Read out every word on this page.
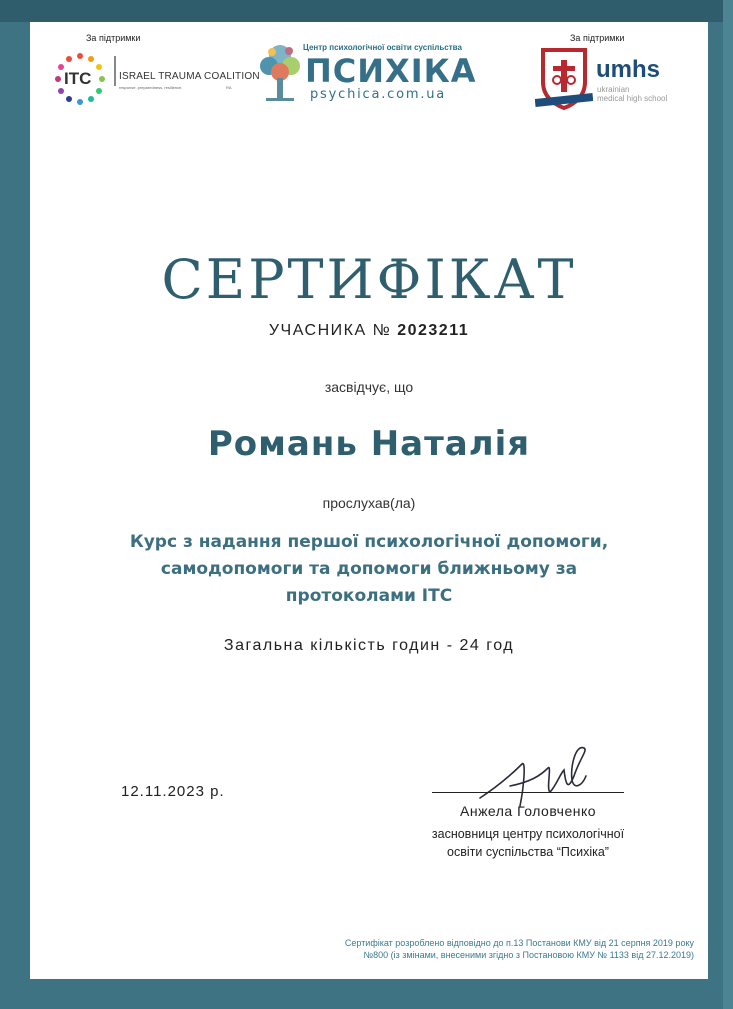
За підтримки
ITC	ISRAEL TRAUMA COALITION
response. preparedness. resilience.	RA
Центр психологічної освіти суспільства
ПСИХІКА
psychica.com.ua
За підтримки
umhs
ukrainian
medical high school
СЕРТИФІКАТ
УЧАСНИКА № 2023211
засвідчує, що
Романь Наталія
прослухав(ла)
Курс з надання першої психологічної допомоги,
самодопомоги та допомоги ближньому за
протоколами ITC
Загальна кількість годин - 24 год
12.11.2023 р.
Анжела Головченко
засновниця центру психологічної
освіти суспільства “Психіка”
Сертифікат розроблено відповідно до п.13 Постанови КМУ від 21 серпня 2019 року
№800 (із змінами, внесеними згідно з Постановою КМУ № 1133 від 27.12.2019)
